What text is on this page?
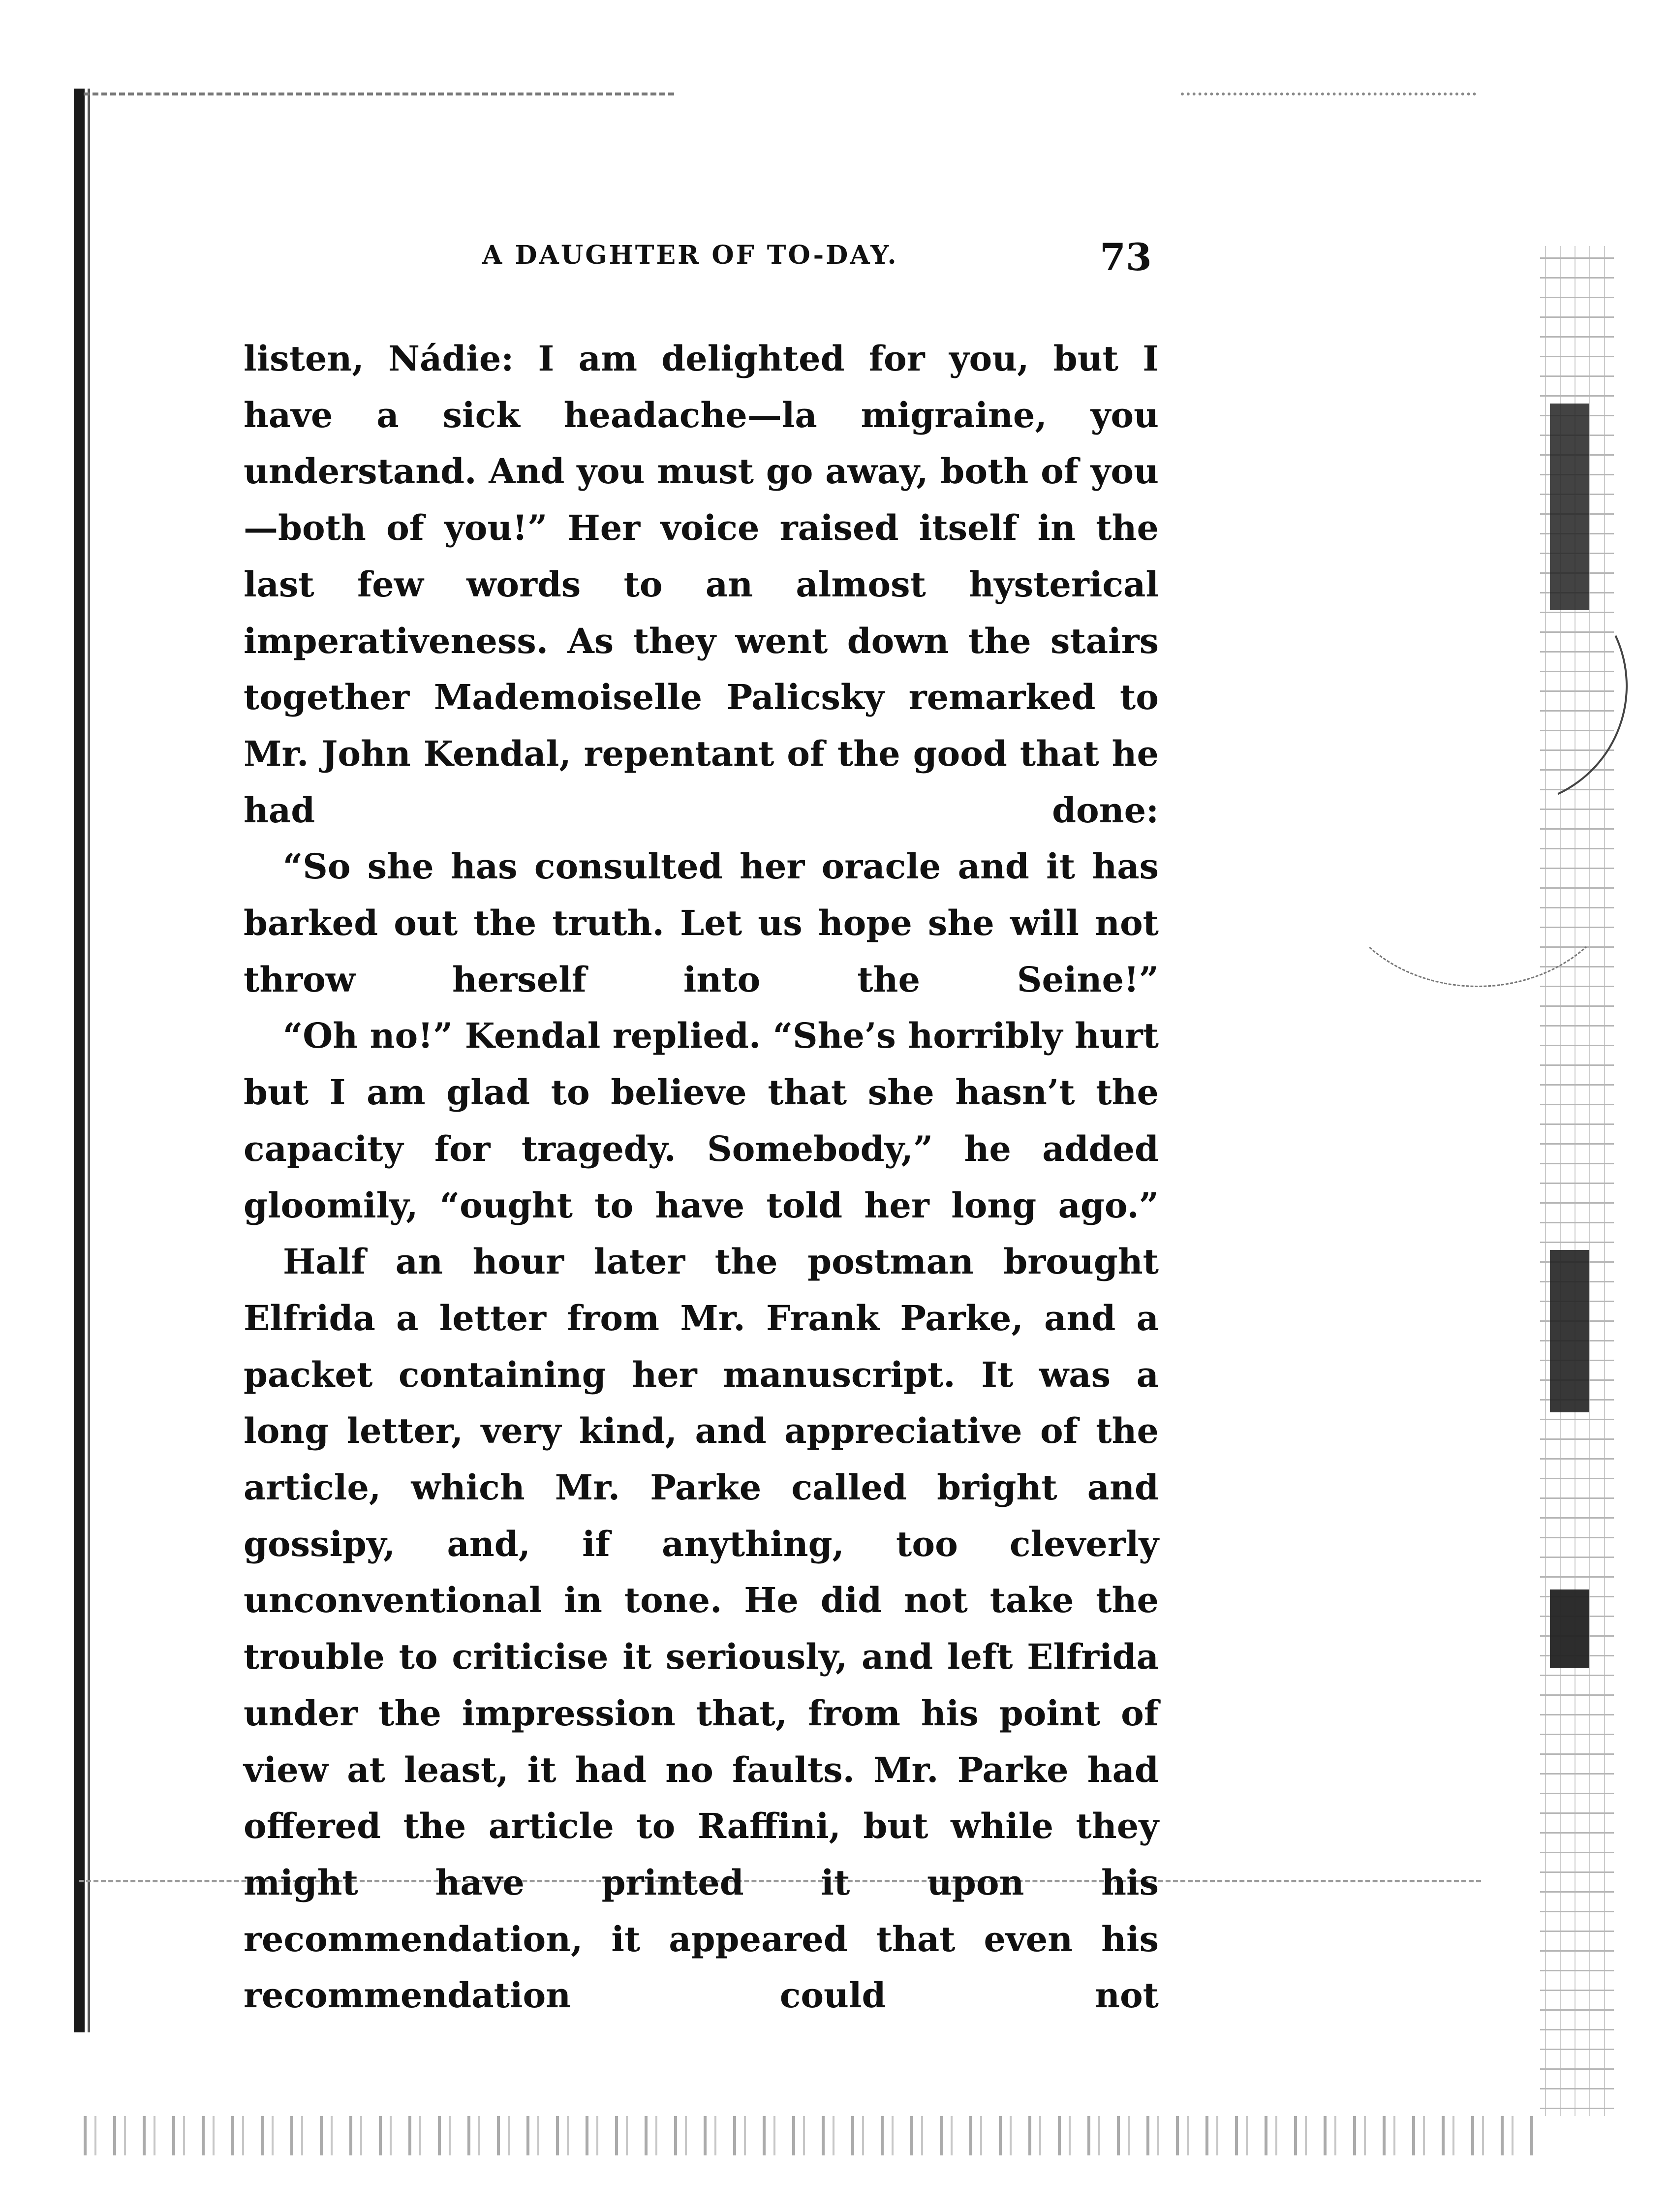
A DAUGHTER OF TO-DAY.	73

listen, Nádie: I am delighted for you, but I have a sick headache—la migraine, you understand. And you must go away, both of you—both of you!” Her voice raised itself in the last few words to an almost hysterical imperativeness. As they went down the stairs together Mademoiselle Palicsky remarked to Mr. John Kendal, repentant of the good that he had done:

“So she has consulted her oracle and it has barked out the truth. Let us hope she will not throw herself into the Seine!”

“Oh no!” Kendal replied. “She’s horribly hurt but I am glad to believe that she hasn’t the capacity for tragedy. Somebody,” he added gloomily, “ought to have told her long ago.”

Half an hour later the postman brought Elfrida a letter from Mr. Frank Parke, and a packet containing her manuscript. It was a long letter, very kind, and appreciative of the article, which Mr. Parke called bright and gossipy, and, if anything, too cleverly unconventional in tone. He did not take the trouble to criticise it seriously, and left Elfrida under the impression that, from his point of view at least, it had no faults. Mr. Parke had offered the article to Raffini, but while they might have printed it upon his recommendation, it appeared that even his recommendation could not
